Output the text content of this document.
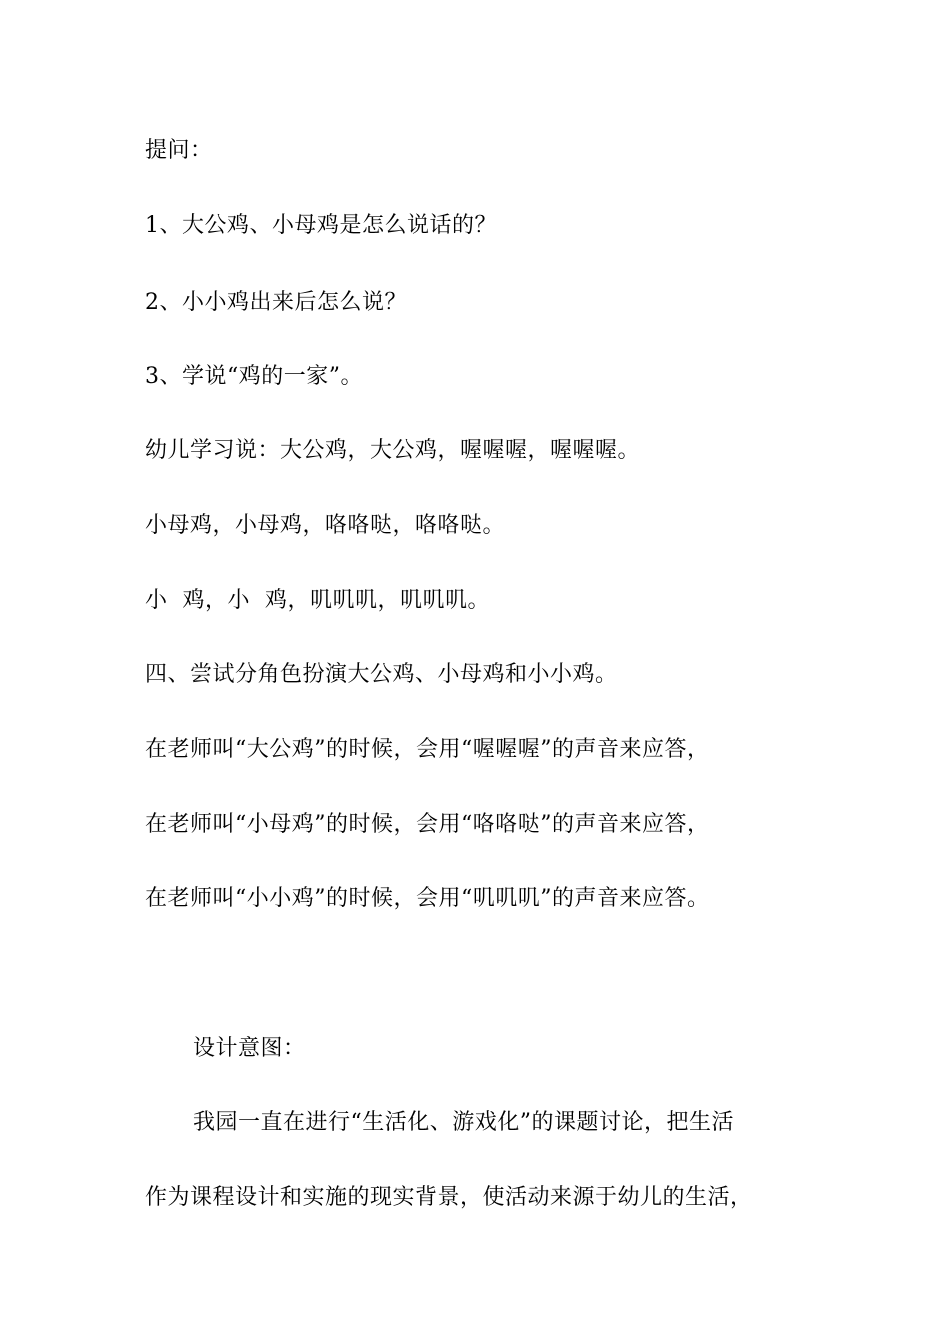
提问：
1、大公鸡、小母鸡是怎么说话的？
2、小小鸡出来后怎么说？
3、学说“鸡的一家”。
幼儿学习说：大公鸡，大公鸡，喔喔喔，喔喔喔。
小母鸡，小母鸡，咯咯哒，咯咯哒。
小  鸡，小  鸡，叽叽叽，叽叽叽。
四、尝试分角色扮演大公鸡、小母鸡和小小鸡。
在老师叫“大公鸡”的时候，会用“喔喔喔”的声音来应答，
在老师叫“小母鸡”的时候，会用“咯咯哒”的声音来应答，
在老师叫“小小鸡”的时候，会用“叽叽叽”的声音来应答。
设计意图：
我园一直在进行“生活化、游戏化”的课题讨论，把生活
作为课程设计和实施的现实背景，使活动来源于幼儿的生活，
